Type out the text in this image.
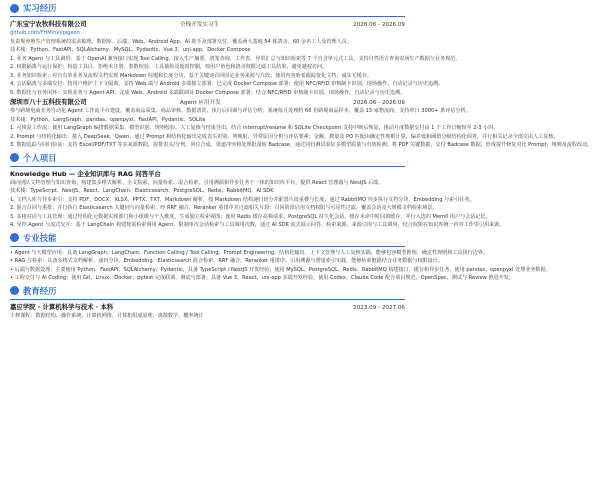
实习经历
广东宝宁农牧科技有限公司	全栈开发实习生	2026.06 - 2026.09
github.com/FHMinyi/pigeon
负责规养殖生产管理系统的需求梳理、数据库、后端、Web、Android App、AI 助手及部署交付，覆盖两大基地 54 栋鸽舍、60 余名工人及管理人员。
技术栈：Python、FastAPI、SQLAlchemy、MySQL、Pydantic、Vue 3、uni-app、Docker Compose
1. 业务 Agent 与工具调用：基于 OpenAI 兼容接口实现 Tool Calling，接入生产摘要、鸽笼查询、工作表、异常汇总与知识检索等 7 个自含单元式工具，支持自然语言查询农场生产数据与业务规范。
2. 权限隔离与运行保护：构造工具白、拒绝未注册、参数校验、工具抽检及超时控制，按用户角色和鸽舍权限过滤工具结果，避免越权访问。
3. 业务知识检索：对自有单业务及流程文档实现 Markdown 标题和长度分块，基于关键词召回固定业务来源与片段；使用内容哈希跟踪变化文档，诚实无缓存。
4. 会话隔离与多端交付：按用户维护上下文隔离，支持 Web 端与 Android 多端独立部署：已完成 Docker Compose 部署；使用 NFC/RFID 审核制卡识别、现场操作、自动记录与历史追溯。
5. 数据化与业务闭环：实现业务与 Agent API、完成 Web、Android 多端联调及 Docker Compose 部署；结合 NFC/RFID 审核制卡识别、现场操作、自动记录与历史追溯。
深圳市八十五科技有限公司	Agent 应用开发	2026.06 - 2026.09
参与跨境电商业务自动化 Agent 工作流平台建设，覆盖商品采集、商品审核、数据清洗、执行后回调与评估分析；系统每月处理约 66 份跨境商品样本，覆盖 15 家物流商，支持单日 3000+ 条评估分析。
技术栈：Python、LangGraph、pandas、openpyxl、FastAPI、Pydantic、SQLite
1. 可恢复工作流：使用 LangGraph 编排数据采集、模型识别、规则校验、人工复核与结果导出，结合 interrupt/resume 和 SQLite Checkpoint 支持中断后恢复，推动月度数据交付由 1 个工作日缩短至 2-3 小时。
2. Prompt 与结构化输出：接入 DeepSeek、Qwen，通过 Prompt 和结构化输出完成表头识别、列映射、异常原因分析与评估要素；金额、数量及 PO 匹配由确定性规则计算，偏差低和阈值分级结构化调查，并行相关记录全部交由人工复核。
3. 数据追踪与回归验证：支持 Excel/PDF/TXT 等多来源数据，混排表头/分列、回位合成、渠道冲突和处理批量转 Badcase，通过回归测试验证多模型质量与有效检测；将 PDF 关键数据，交付 Badcase 数据，形成提升修复对比 Prompt、规则及流程改动。
个人项目
Knowledge Hub — 企业知识库与 RAG 问答平台
面向团队文档管理与知识查询，构建集多格式解析、全文检索、向量检索、混合检索、引用溯源和异步任务于一体的知识库平台，提供 React 管理端与 NestJS 后端。
技术栈：TypeScript、NestJS、React、LangChain、Elasticsearch、PostgreSQL、Redis、RabbitMQ、AI SDK
1. 文档入库与异步索引：支持 PDF、DOCX、XLSX、PPTX、TXT、Markdown 解析，按 Markdown 结构递归切分并配置片段重叠与长度；通过 RabbitMQ 异步执行文档分块、Embedding 与索引任务。
2. 混合召回与重排：并行执行 Elasticsearch 关键词与向量检索，经 RRF 融合、Reranker 重排序并过滤相关片段；召回阶段启用文档权限与可见性过滤，覆盖会话及大规模文档检索场景。
3. 多租对话与工具管理：通过结构化元数据实现部门和小组级与个人维度，生成独立检索视图；使用 Redis 缓存高频请求，PostgreSQL 持久化会话、缓存未命中时回填缓存，并行入选的 Mem0 用户与会话记忆。
4. 受控 Agent 与流式交互：基于 LangChain 构建按需检索调用 Agent，限制单次会话检索与工具调用次数，通过 AI SDK 流式展示回答、检索来源、来源引用与工具调用，结合权限在知识库统一内容工作里引用来源。
专业技能
• Agent 与大模型应用：具备 LangGraph、LangChain、Function Calling / Tool Calling、Prompt Engineering、结构化输出、上下文管理与人工复核实践，能够包容模型推理、确定性规则和工具执行边界。
• RAG 与检索：具备多格式文档解析、递归分块、Embedding、Elasticsearch 混合检索、RRF 融合、Reranker 重排序、引用溯源与增量索引实践，能够检索链路结合业务数据与权限设计。
• 后端与数据处理：主要使用 Python、FastAPI、SQLAlchemy、Pydantic，具备 TypeScript / NestJS 开发经验；使用 MySQL、PostgreSQL、Redis、RabbitMQ 构建接口、缓存和异步任务，使用 pandas、openpyxl 处理业务数据。
• 工程交付与 AI Coding：使用 Git、Linux、Docker、pytest 完成联调、测试与部署；具备 Vue 3、React、uni-app 多端开发经验，使用 Codex、Claude Code 配合项目规范、OpenSpec、测试与 Review 推进开发。
教育经历
嘉应学院 · 计算机科学与技术 · 本科	2023.09 - 2027.06
主修课程：数据结构、操作系统、计算机网络、计算机组成原理、离散数学、概率统计
